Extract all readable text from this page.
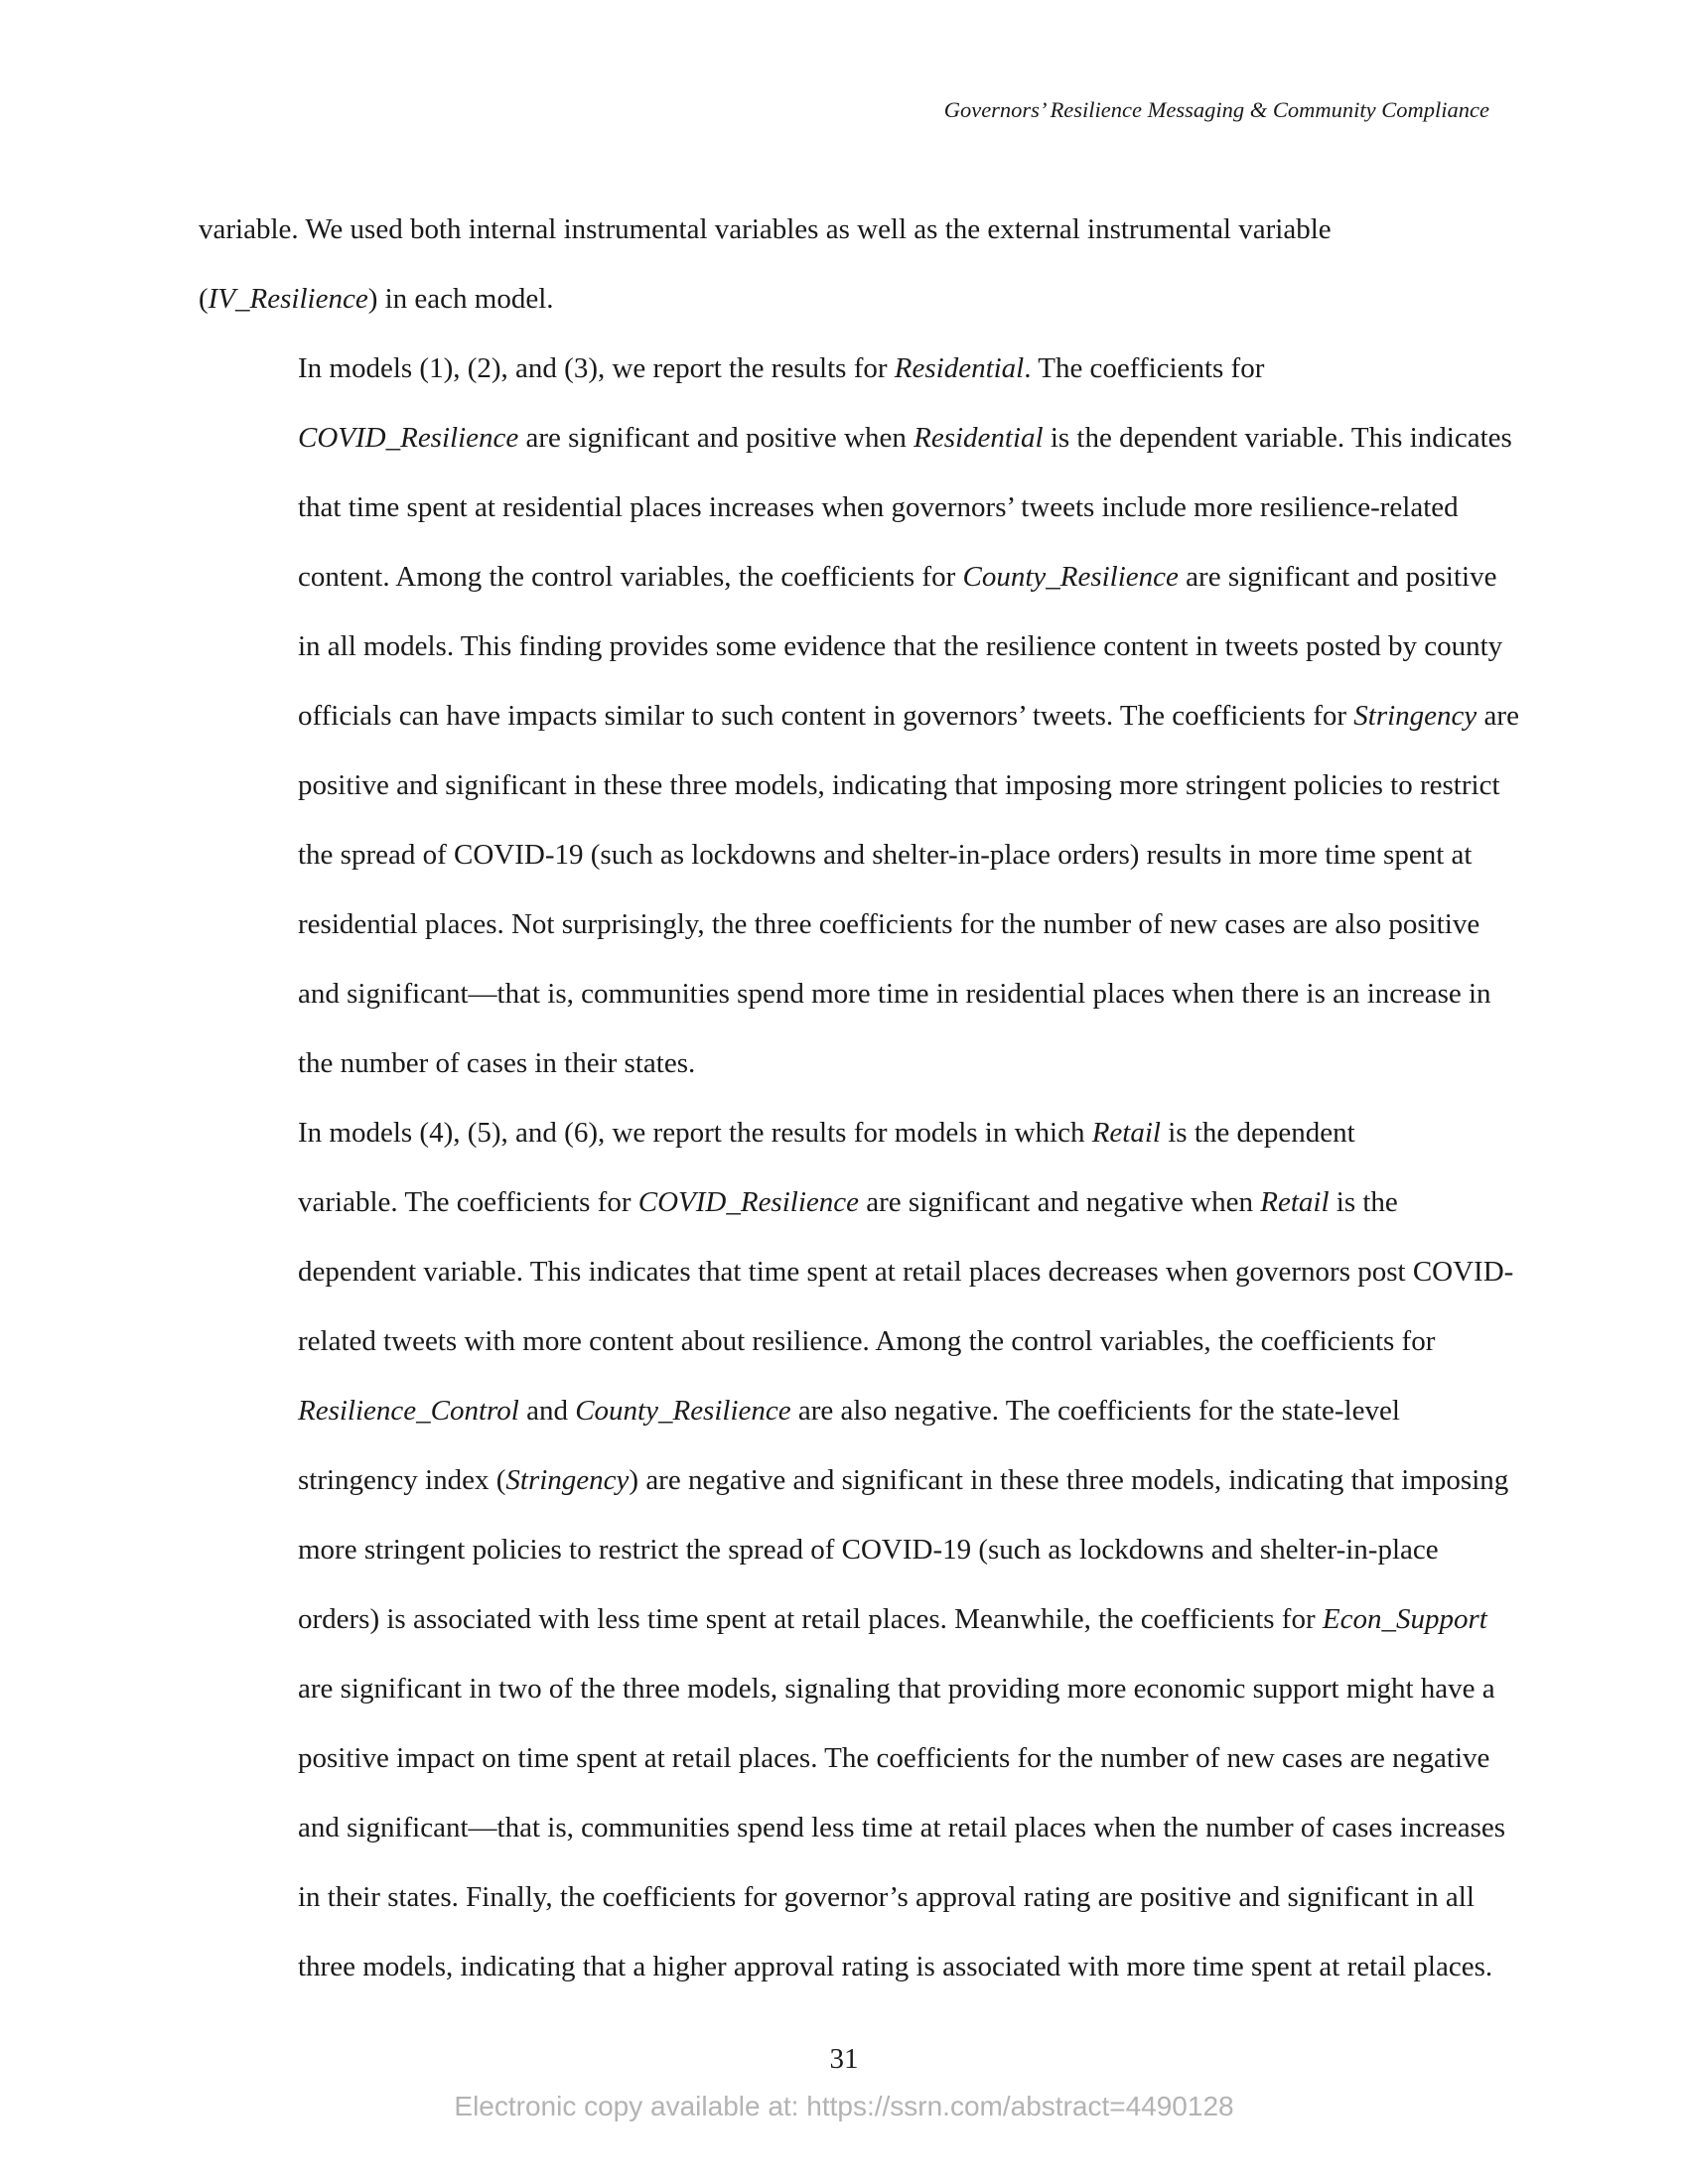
Governors’ Resilience Messaging & Community Compliance

variable. We used both internal instrumental variables as well as the external instrumental variable
(IV_Resilience) in each model.

In models (1), (2), and (3), we report the results for Residential. The coefficients for
COVID_Resilience are significant and positive when Residential is the dependent variable. This indicates
that time spent at residential places increases when governors’ tweets include more resilience-related
content. Among the control variables, the coefficients for County_Resilience are significant and positive
in all models. This finding provides some evidence that the resilience content in tweets posted by county
officials can have impacts similar to such content in governors’ tweets. The coefficients for Stringency are
positive and significant in these three models, indicating that imposing more stringent policies to restrict
the spread of COVID-19 (such as lockdowns and shelter-in-place orders) results in more time spent at
residential places. Not surprisingly, the three coefficients for the number of new cases are also positive
and significant—that is, communities spend more time in residential places when there is an increase in
the number of cases in their states.

In models (4), (5), and (6), we report the results for models in which Retail is the dependent
variable. The coefficients for COVID_Resilience are significant and negative when Retail is the
dependent variable. This indicates that time spent at retail places decreases when governors post COVID-
related tweets with more content about resilience. Among the control variables, the coefficients for
Resilience_Control and County_Resilience are also negative. The coefficients for the state-level
stringency index (Stringency) are negative and significant in these three models, indicating that imposing
more stringent policies to restrict the spread of COVID-19 (such as lockdowns and shelter-in-place
orders) is associated with less time spent at retail places. Meanwhile, the coefficients for Econ_Support
are significant in two of the three models, signaling that providing more economic support might have a
positive impact on time spent at retail places. The coefficients for the number of new cases are negative
and significant—that is, communities spend less time at retail places when the number of cases increases
in their states. Finally, the coefficients for governor’s approval rating are positive and significant in all
three models, indicating that a higher approval rating is associated with more time spent at retail places.

31
Electronic copy available at: https://ssrn.com/abstract=4490128
